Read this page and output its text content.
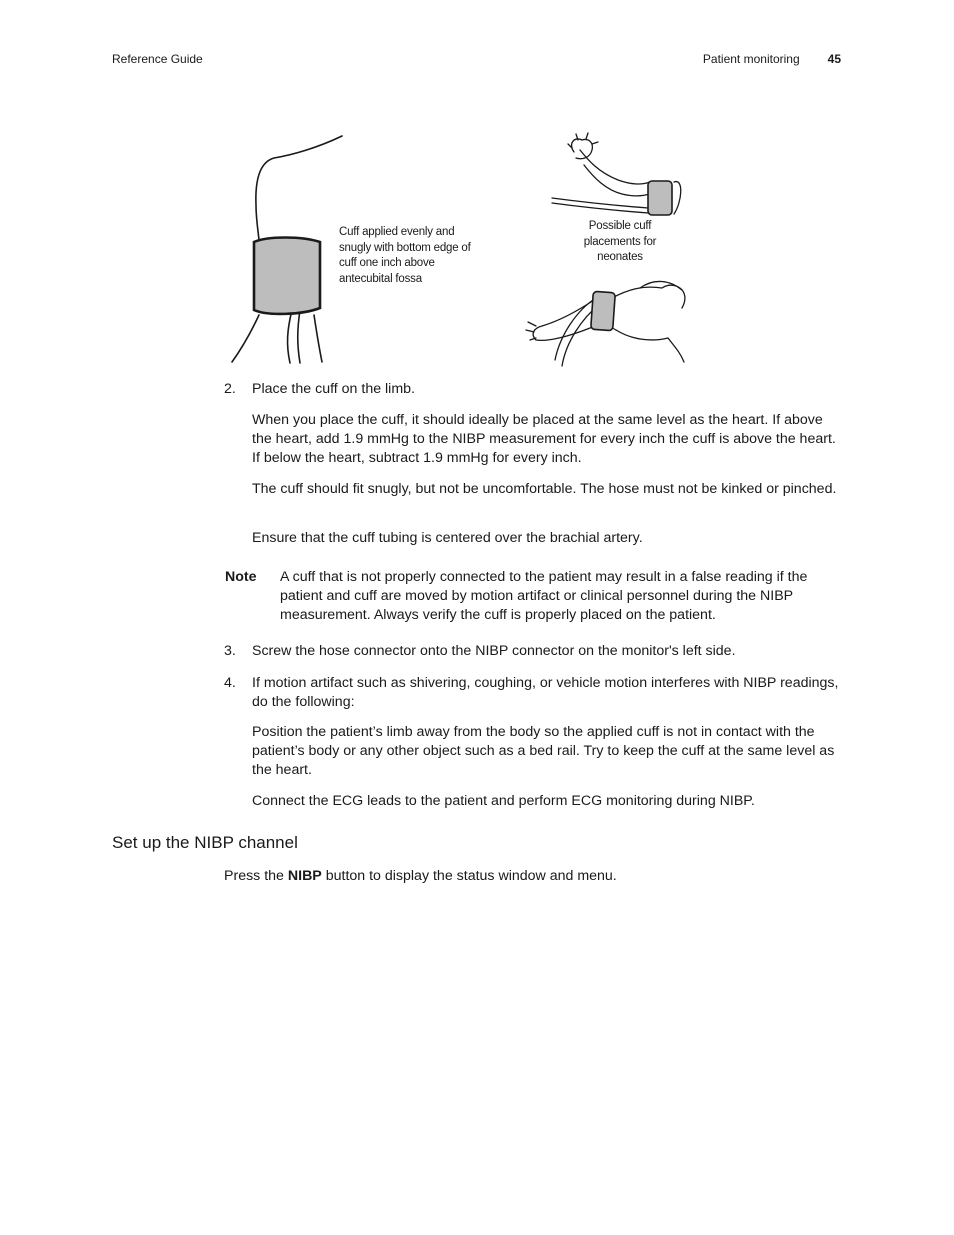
Reference Guide	Patient monitoring 45
Cuff applied evenly and snugly with bottom edge of cuff one inch above antecubital fossa
Possible cuff placements for neonates
2. Place the cuff on the limb.
When you place the cuff, it should ideally be placed at the same level as the heart. If above the heart, add 1.9 mmHg to the NIBP measurement for every inch the cuff is above the heart. If below the heart, subtract 1.9 mmHg for every inch.
The cuff should fit snugly, but not be uncomfortable. The hose must not be kinked or pinched.
Ensure that the cuff tubing is centered over the brachial artery.
Note A cuff that is not properly connected to the patient may result in a false reading if the patient and cuff are moved by motion artifact or clinical personnel during the NIBP measurement. Always verify the cuff is properly placed on the patient.
3. Screw the hose connector onto the NIBP connector on the monitor's left side.
4. If motion artifact such as shivering, coughing, or vehicle motion interferes with NIBP readings, do the following:
Position the patient’s limb away from the body so the applied cuff is not in contact with the patient’s body or any other object such as a bed rail. Try to keep the cuff at the same level as the heart.
Connect the ECG leads to the patient and perform ECG monitoring during NIBP.
Set up the NIBP channel
Press the NIBP button to display the status window and menu.
